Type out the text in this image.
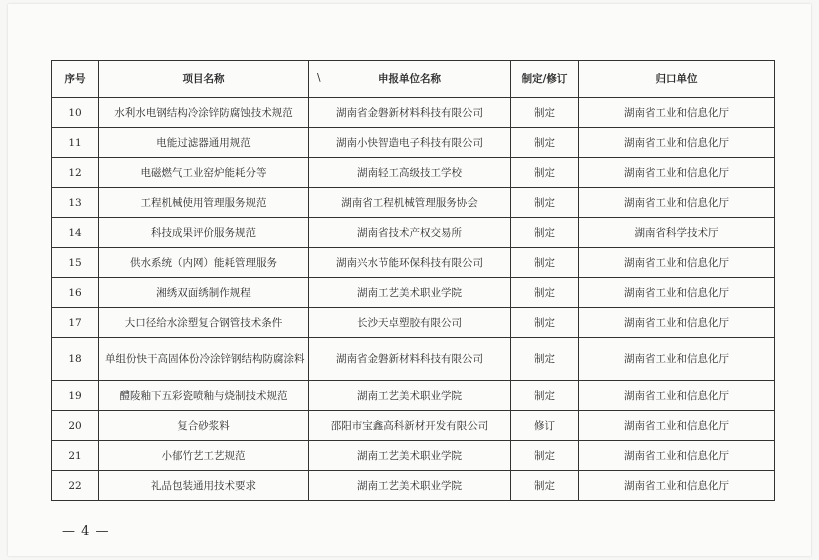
序号	项目名称	\ 申报单位名称	制定/修订	归口单位
10	水利水电钢结构冷涂锌防腐蚀技术规范	湖南省金磐新材料科技有限公司	制定	湖南省工业和信息化厅
11	电能过滤器通用规范	湖南小快智造电子科技有限公司	制定	湖南省工业和信息化厅
12	电磁燃气工业窑炉能耗分等	湖南轻工高级技工学校	制定	湖南省工业和信息化厅
13	工程机械使用管理服务规范	湖南省工程机械管理服务协会	制定	湖南省工业和信息化厅
14	科技成果评价服务规范	湖南省技术产权交易所	制定	湖南省科学技术厅
15	供水系统（内网）能耗管理服务	湖南兴水节能环保科技有限公司	制定	湖南省工业和信息化厅
16	湘绣双面绣制作规程	湖南工艺美术职业学院	制定	湖南省工业和信息化厅
17	大口径给水涂塑复合钢管技术条件	长沙天卓塑胶有限公司	制定	湖南省工业和信息化厅
18	单组份快干高固体份冷涂锌钢结构防腐涂料	湖南省金磐新材料科技有限公司	制定	湖南省工业和信息化厅
19	醴陵釉下五彩瓷喷釉与烧制技术规范	湖南工艺美术职业学院	制定	湖南省工业和信息化厅
20	复合砂浆料	邵阳市宝鑫高科新材开发有限公司	修订	湖南省工业和信息化厅
21	小郁竹艺工艺规范	湖南工艺美术职业学院	制定	湖南省工业和信息化厅
22	礼品包装通用技术要求	湖南工艺美术职业学院	制定	湖南省工业和信息化厅
— 4 —
